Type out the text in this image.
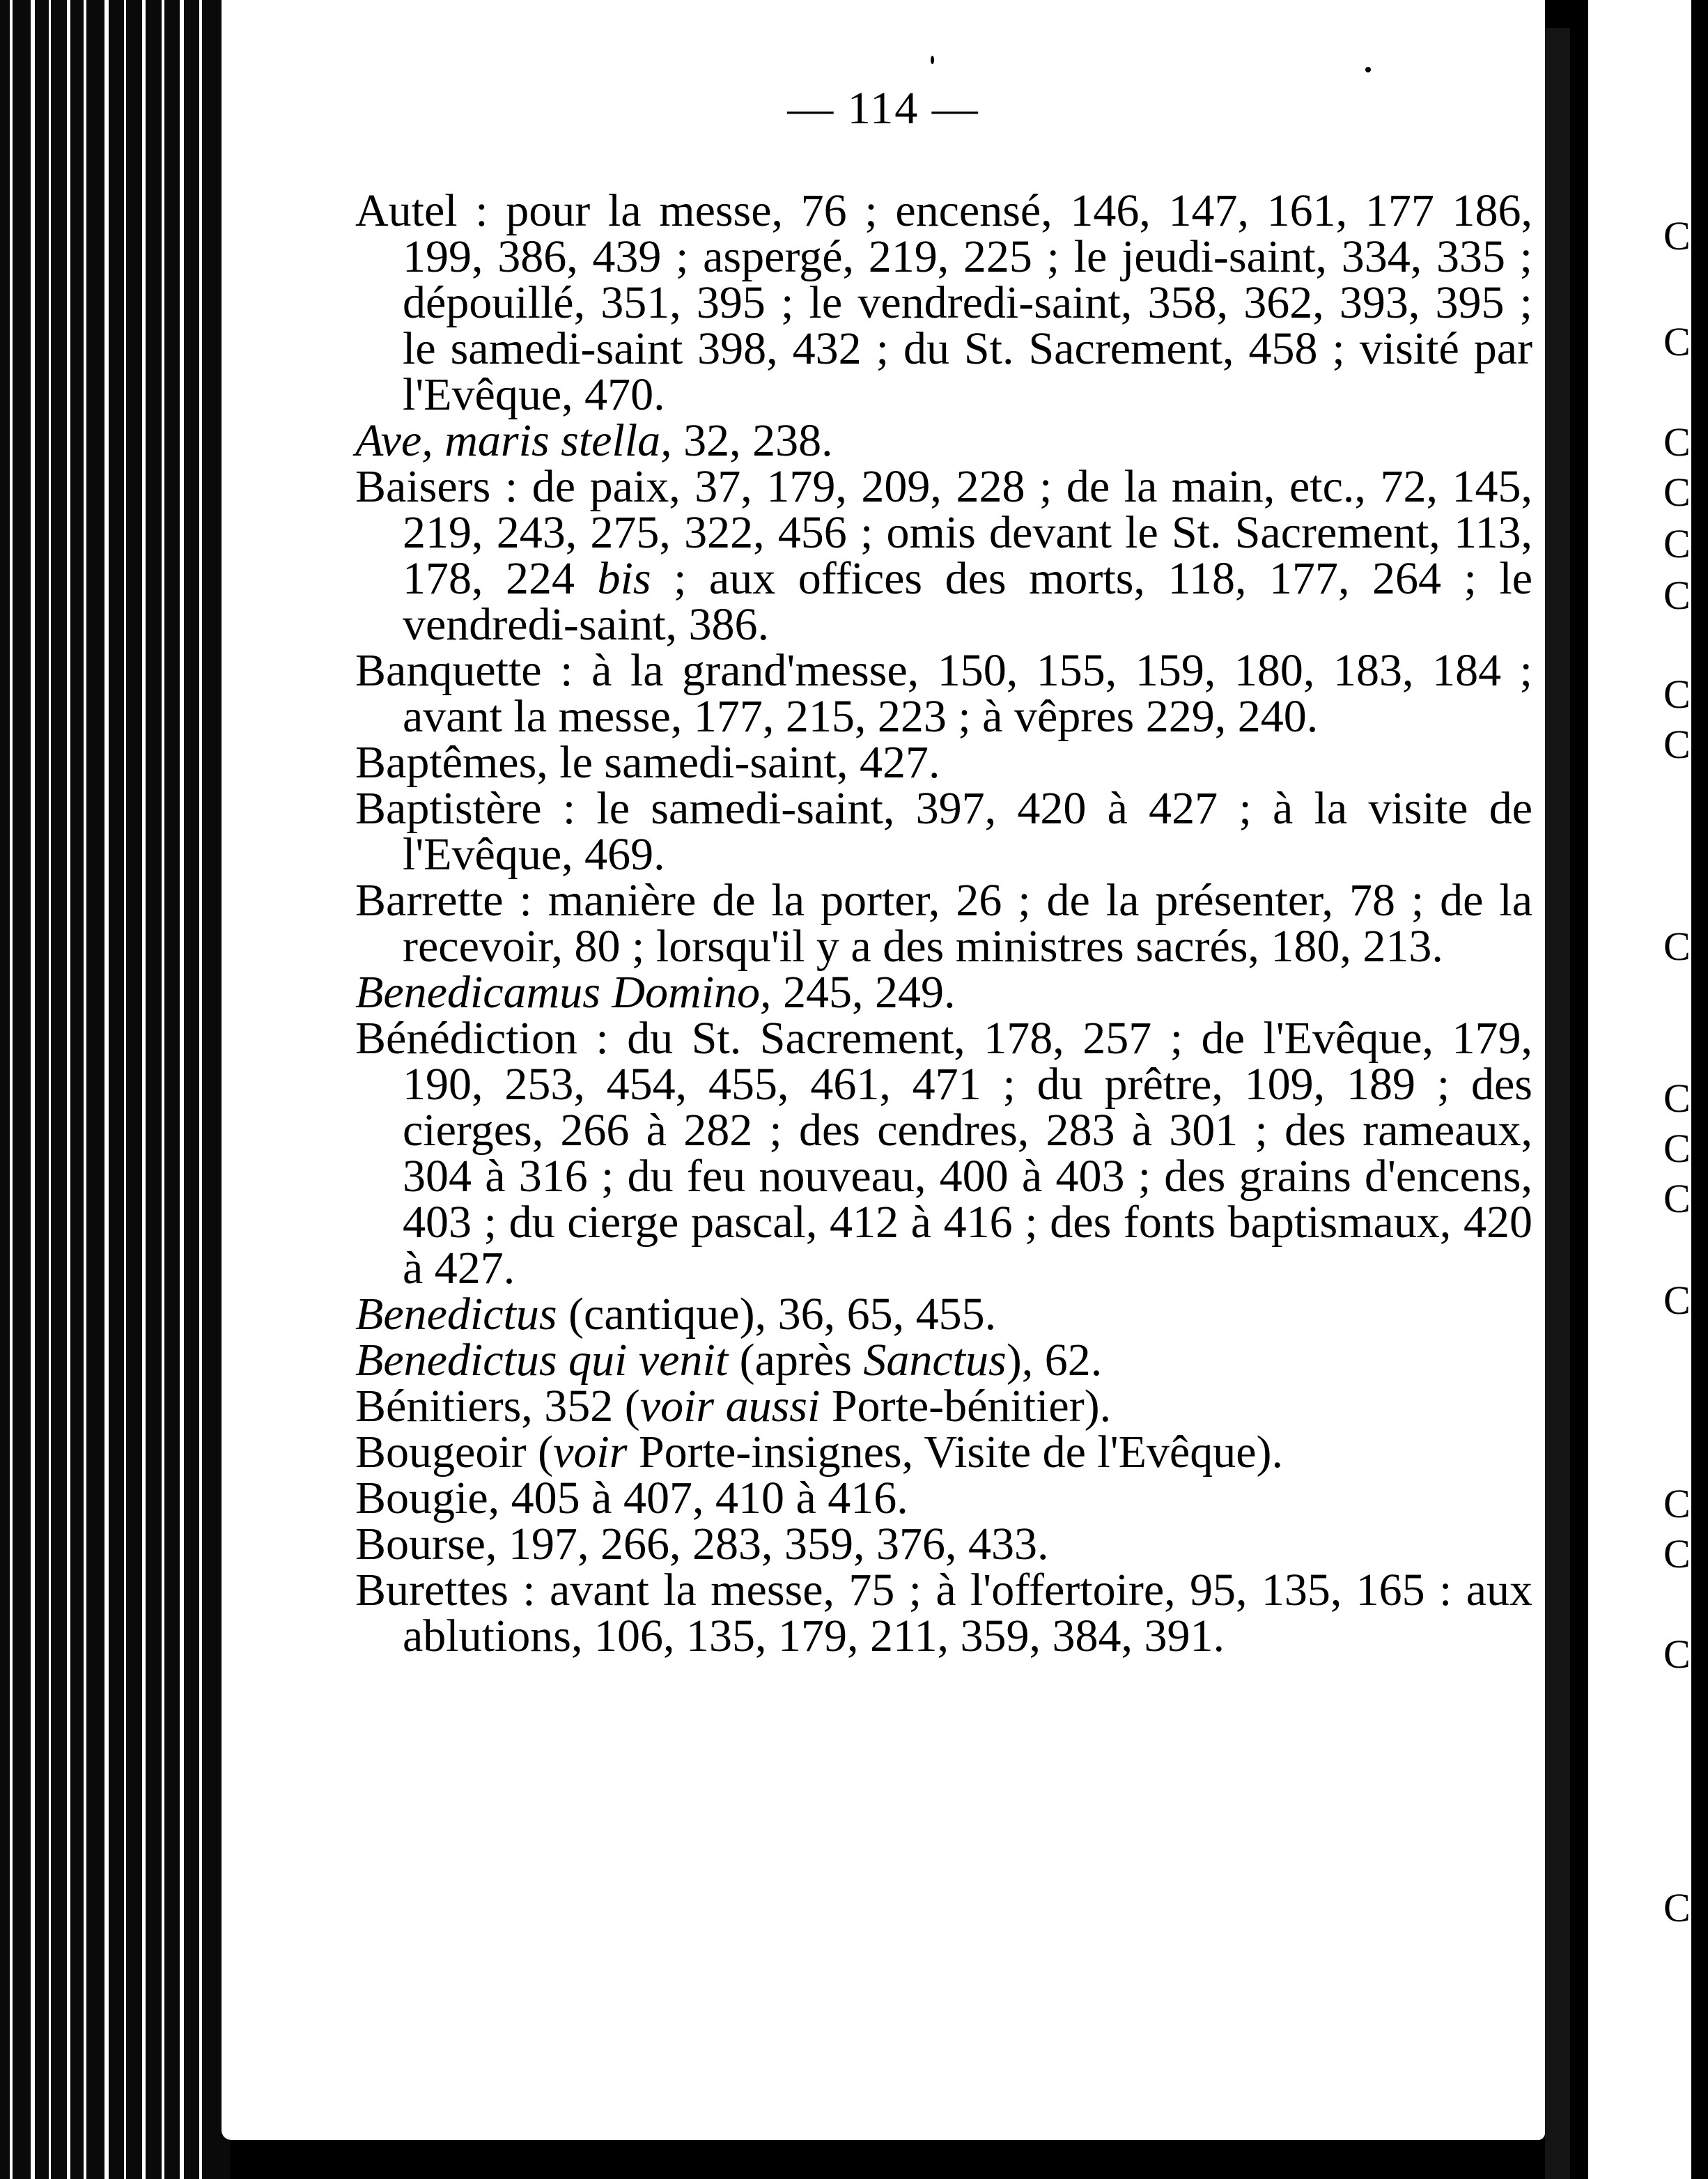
— 114 —
Autel : pour la messe, 76 ; encensé, 146, 147, 161, 177 186, 199, 386, 439 ; aspergé, 219, 225 ; le jeudi-saint, 334, 335 ; dépouillé, 351, 395 ; le vendredi-saint, 358, 362, 393, 395 ; le samedi-saint 398, 432 ; du St. Sacrement, 458 ; visité par l'Evêque, 470.
Ave, maris stella, 32, 238.
Baisers : de paix, 37, 179, 209, 228 ; de la main, etc., 72, 145, 219, 243, 275, 322, 456 ; omis devant le St. Sacrement, 113, 178, 224 bis ; aux offices des morts, 118, 177, 264 ; le vendredi-saint, 386.
Banquette : à la grand'messe, 150, 155, 159, 180, 183, 184 ; avant la messe, 177, 215, 223 ; à vêpres 229, 240.
Baptêmes, le samedi-saint, 427.
Baptistère : le samedi-saint, 397, 420 à 427 ; à la visite de l'Evêque, 469.
Barrette : manière de la porter, 26 ; de la présenter, 78 ; de la recevoir, 80 ; lorsqu'il y a des ministres sacrés, 180, 213.
Benedicamus Domino, 245, 249.
Bénédiction : du St. Sacrement, 178, 257 ; de l'Evêque, 179, 190, 253, 454, 455, 461, 471 ; du prêtre, 109, 189 ; des cierges, 266 à 282 ; des cendres, 283 à 301 ; des rameaux, 304 à 316 ; du feu nouveau, 400 à 403 ; des grains d'encens, 403 ; du cierge pascal, 412 à 416 ; des fonts baptismaux, 420 à 427.
Benedictus (cantique), 36, 65, 455.
Benedictus qui venit (après Sanctus), 62.
Bénitiers, 352 (voir aussi Porte-bénitier).
Bougeoir (voir Porte-insignes, Visite de l'Evêque).
Bougie, 405 à 407, 410 à 416.
Bourse, 197, 266, 283, 359, 376, 433.
Burettes : avant la messe, 75 ; à l'offertoire, 95, 135, 165 : aux ablutions, 106, 135, 179, 211, 359, 384, 391.
Ca
Ca
C
C
C
C
C
C
C
C
C
C
C
C
C
C
C
